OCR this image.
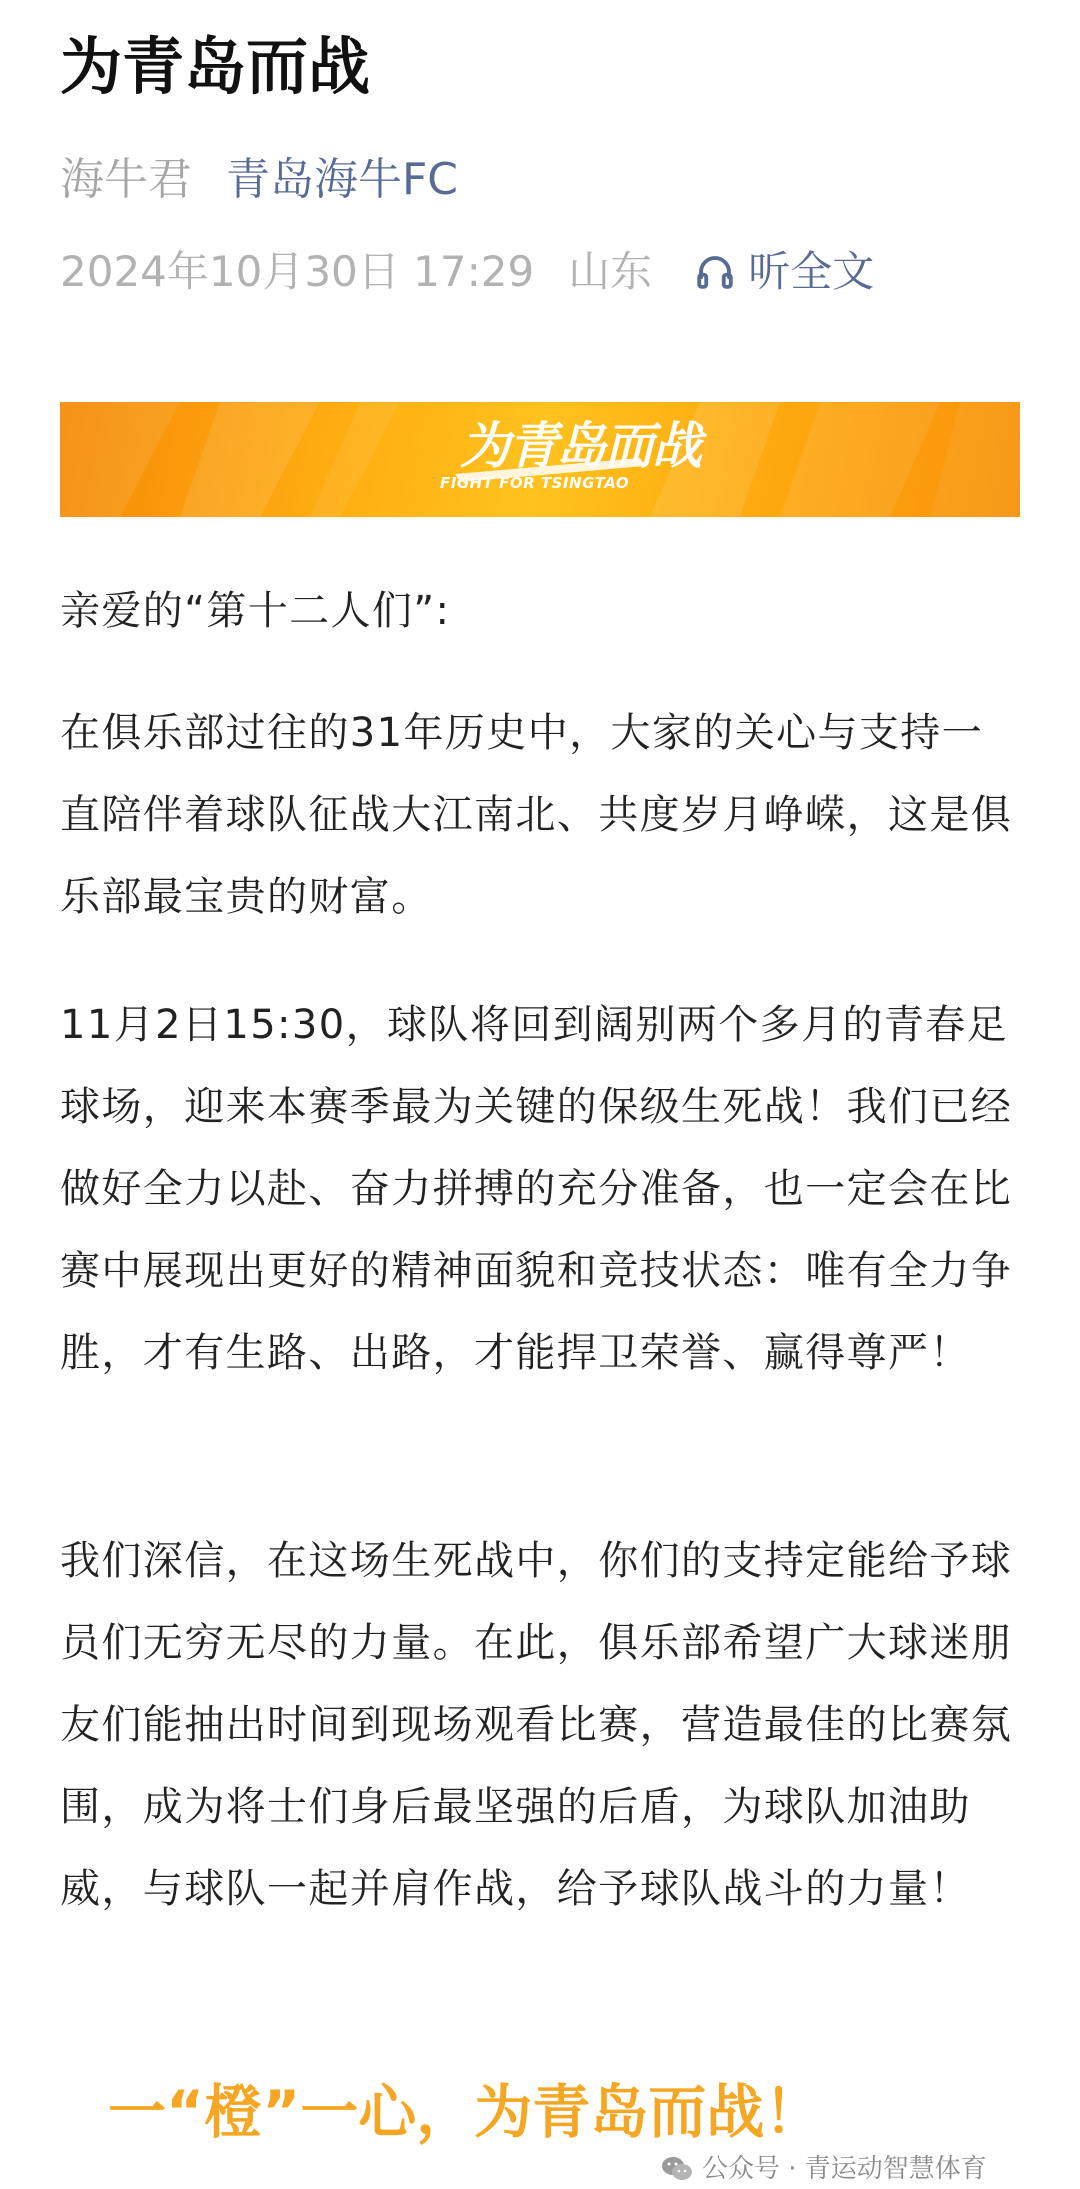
为青岛而战
海牛君 青岛海牛FC
2024年10月30日 17:29 山东 听全文
为青岛而战
FIGHT FOR TSINGTAO
亲爱的“第十二人们”:
在俱乐部过往的31年历史中，大家的关心与支持一直陪伴着球队征战大江南北、共度岁月峥嵘，这是俱乐部最宝贵的财富。
11月2日15:30，球队将回到阔别两个多月的青春足球场，迎来本赛季最为关键的保级生死战！我们已经做好全力以赴、奋力拼搏的充分准备，也一定会在比赛中展现出更好的精神面貌和竞技状态：唯有全力争胜，才有生路、出路，才能捍卫荣誉、赢得尊严！
我们深信，在这场生死战中，你们的支持定能给予球员们无穷无尽的力量。在此，俱乐部希望广大球迷朋友们能抽出时间到现场观看比赛，营造最佳的比赛氛围，成为将士们身后最坚强的后盾，为球队加油助威，与球队一起并肩作战，给予球队战斗的力量！
一“橙”一心，为青岛而战！
公众号 · 青运动智慧体育
